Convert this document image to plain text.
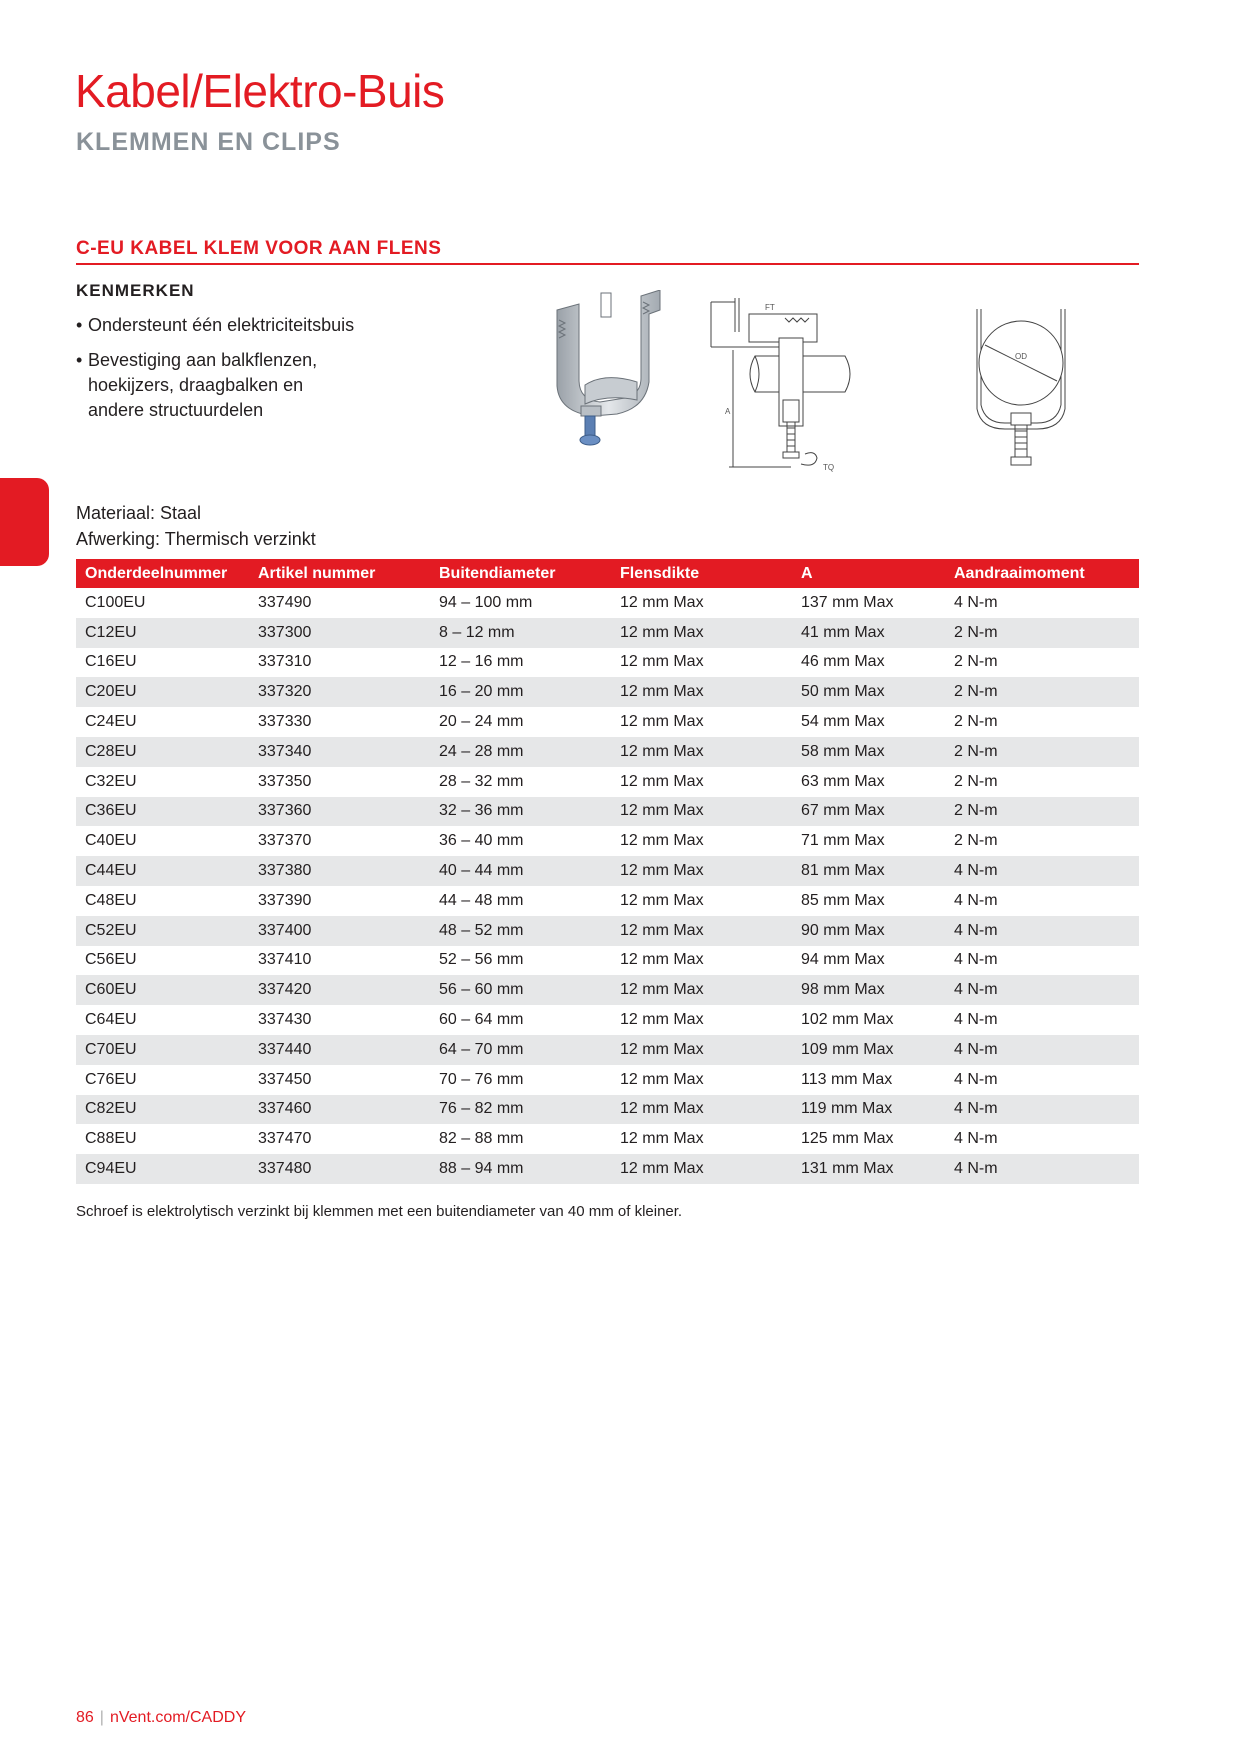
Kabel/Elektro-Buis
KLEMMEN EN CLIPS
C-EU KABEL KLEM VOOR AAN FLENS
KENMERKEN
• Ondersteunt één elektriciteitsbuis
• Bevestiging aan balkflenzen, hoekijzers, draagbalken en andere structuurdelen
Materiaal: Staal
Afwerking: Thermisch verzinkt
FT
A
TQ
OD
Onderdeelnummer	Artikel nummer	Buitendiameter	Flensdikte	A	Aandraaimoment
C100EU	337490	94 – 100 mm	12 mm Max	137 mm Max	4 N-m
C12EU	337300	8 – 12 mm	12 mm Max	41 mm Max	2 N-m
C16EU	337310	12 – 16 mm	12 mm Max	46 mm Max	2 N-m
C20EU	337320	16 – 20 mm	12 mm Max	50 mm Max	2 N-m
C24EU	337330	20 – 24 mm	12 mm Max	54 mm Max	2 N-m
C28EU	337340	24 – 28 mm	12 mm Max	58 mm Max	2 N-m
C32EU	337350	28 – 32 mm	12 mm Max	63 mm Max	2 N-m
C36EU	337360	32 – 36 mm	12 mm Max	67 mm Max	2 N-m
C40EU	337370	36 – 40 mm	12 mm Max	71 mm Max	2 N-m
C44EU	337380	40 – 44 mm	12 mm Max	81 mm Max	4 N-m
C48EU	337390	44 – 48 mm	12 mm Max	85 mm Max	4 N-m
C52EU	337400	48 – 52 mm	12 mm Max	90 mm Max	4 N-m
C56EU	337410	52 – 56 mm	12 mm Max	94 mm Max	4 N-m
C60EU	337420	56 – 60 mm	12 mm Max	98 mm Max	4 N-m
C64EU	337430	60 – 64 mm	12 mm Max	102 mm Max	4 N-m
C70EU	337440	64 – 70 mm	12 mm Max	109 mm Max	4 N-m
C76EU	337450	70 – 76 mm	12 mm Max	113 mm Max	4 N-m
C82EU	337460	76 – 82 mm	12 mm Max	119 mm Max	4 N-m
C88EU	337470	82 – 88 mm	12 mm Max	125 mm Max	4 N-m
C94EU	337480	88 – 94 mm	12 mm Max	131 mm Max	4 N-m
Schroef is elektrolytisch verzinkt bij klemmen met een buitendiameter van 40 mm of kleiner.
86 | nVent.com/CADDY
